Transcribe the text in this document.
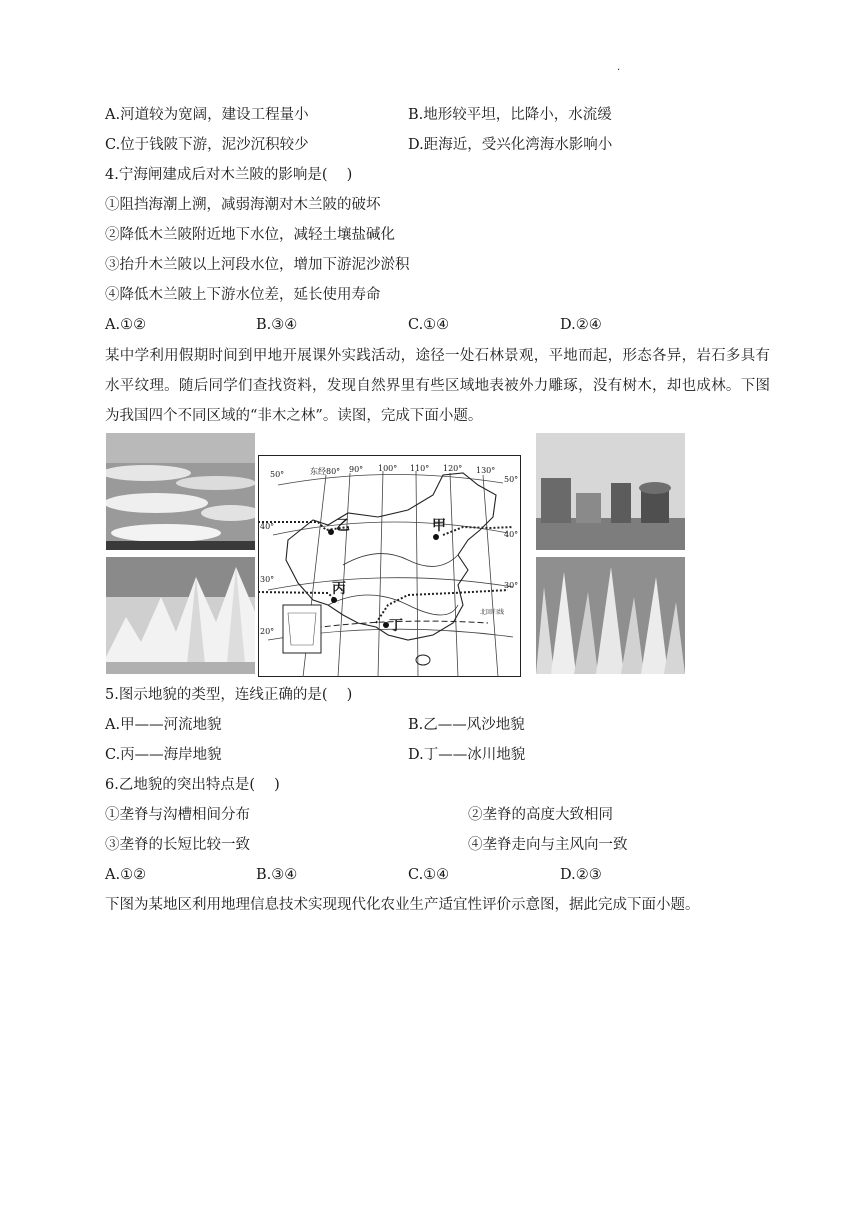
.
A.河道较为宽阔，建设工程量小	B.地形较平坦，比降小，水流缓
C.位于钱陂下游，泥沙沉积较少	D.距海近，受兴化湾海水影响小
4.宁海闸建成后对木兰陂的影响是(　 )
①阻挡海潮上溯，减弱海潮对木兰陂的破坏
②降低木兰陂附近地下水位，减轻土壤盐碱化
③抬升木兰陂以上河段水位，增加下游泥沙淤积
④降低木兰陂上下游水位差，延长使用寿命
A.①②	B.③④	C.①④	D.②④
某中学利用假期时间到甲地开展课外实践活动，途径一处石林景观，平地而起，形态各异，岩石多具有水平纹理。随后同学们查找资料，发现自然界里有些区域地表被外力雕琢，没有树木，却也成林。下图为我国四个不同区域的“非木之林”。读图，完成下面小题。
东经80° 90° 100° 110° 120° 130°
50°
50°
40°
40°
30°
30°
20°
乙	甲
丙
丁
北回归线
5.图示地貌的类型，连线正确的是(　 )
A.甲——河流地貌	B.乙——风沙地貌
C.丙——海岸地貌	D.丁——冰川地貌
6.乙地貌的突出特点是(　 )
①垄脊与沟槽相间分布	②垄脊的高度大致相同
③垄脊的长短比较一致	④垄脊走向与主风向一致
A.①②	B.③④	C.①④	D.②③
下图为某地区利用地理信息技术实现现代化农业生产适宜性评价示意图，据此完成下面小题。
